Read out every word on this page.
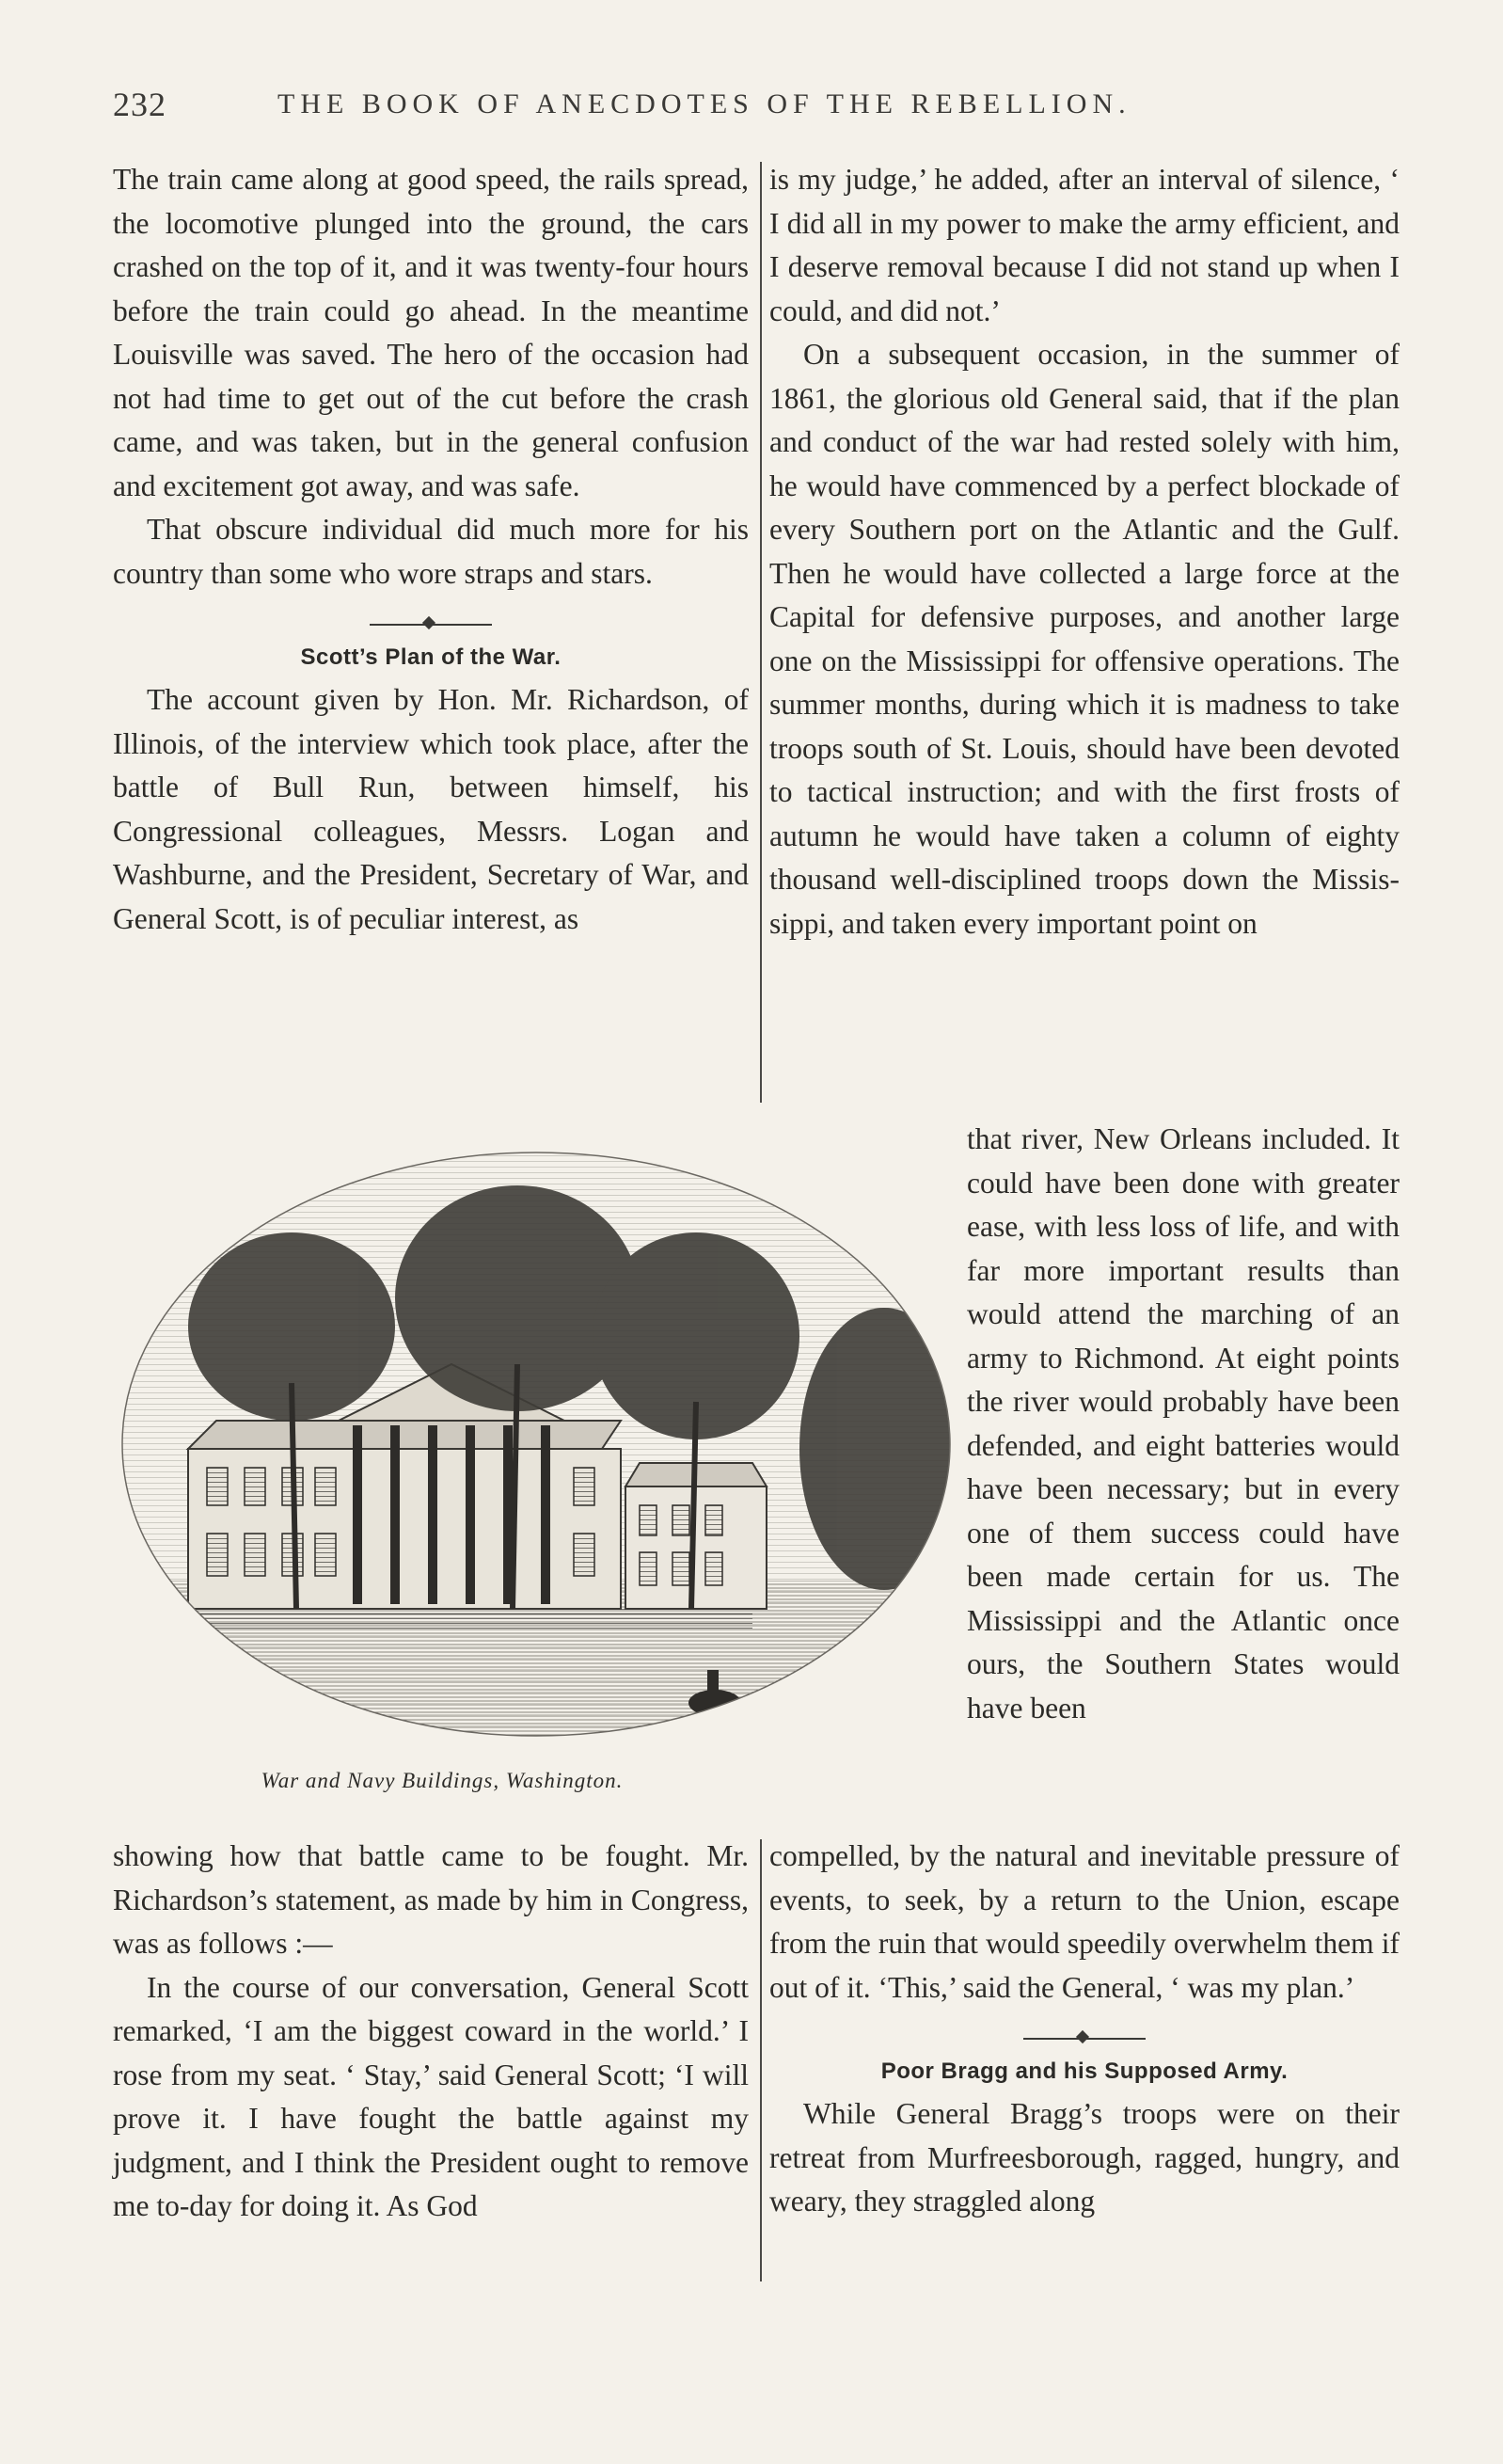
232	THE BOOK OF ANECDOTES OF THE REBELLION.

The train came along at good speed, the rails spread, the locomotive plunged into the ground, the cars crashed on the top of it, and it was twenty-four hours before the train could go ahead. In the meantime Louisville was saved. The hero of the occasion had not had time to get out of the cut before the crash came, and was taken, but in the general confusion and excitement got away, and was safe.

That obscure individual did much more for his country than some who wore straps and stars.

Scott’s Plan of the War.

The account given by Hon. Mr. Richardson, of Illinois, of the interview which took place, after the battle of Bull Run, between himself, his Congressional colleagues, Messrs. Logan and Washburne, and the President, Secretary of War, and General Scott, is of peculiar interest, as

is my judge,’ he added, after an interval of silence, ‘ I did all in my power to make the army efficient, and I deserve removal because I did not stand up when I could, and did not.’

On a subsequent occasion, in the summer of 1861, the glorious old General said, that if the plan and conduct of the war had rested solely with him, he would have commenced by a perfect blockade of every Southern port on the Atlantic and the Gulf. Then he would have collected a large force at the Capital for defensive purposes, and another large one on the Mississippi for offensive operations. The summer months, during which it is madness to take troops south of St. Louis, should have been devoted to tactical instruction; and with the first frosts of autumn he would have taken a column of eighty thousand well-disciplined troops down the Missis-sippi, and taken every important point on

War and Navy Buildings, Washington.

that river, New Orleans included. It could have been done with greater ease, with less loss of life, and with far more important results than would attend the marching of an army to Richmond. At eight points the river would probably have been defended, and eight batteries would have been necessary; but in every one of them success could have been made certain for us. The Mississippi and the Atlantic once ours, the Southern States would have been

showing how that battle came to be fought. Mr. Richardson’s statement, as made by him in Congress, was as follows :—

In the course of our conversation, General Scott remarked, ‘I am the biggest coward in the world.’ I rose from my seat. ‘ Stay,’ said General Scott; ‘I will prove it. I have fought the battle against my judgment, and I think the President ought to remove me to-day for doing it. As God

compelled, by the natural and inevitable pressure of events, to seek, by a return to the Union, escape from the ruin that would speedily overwhelm them if out of it. ‘This,’ said the General, ‘ was my plan.’

Poor Bragg and his Supposed Army.

While General Bragg’s troops were on their retreat from Murfreesborough, ragged, hungry, and weary, they straggled along
